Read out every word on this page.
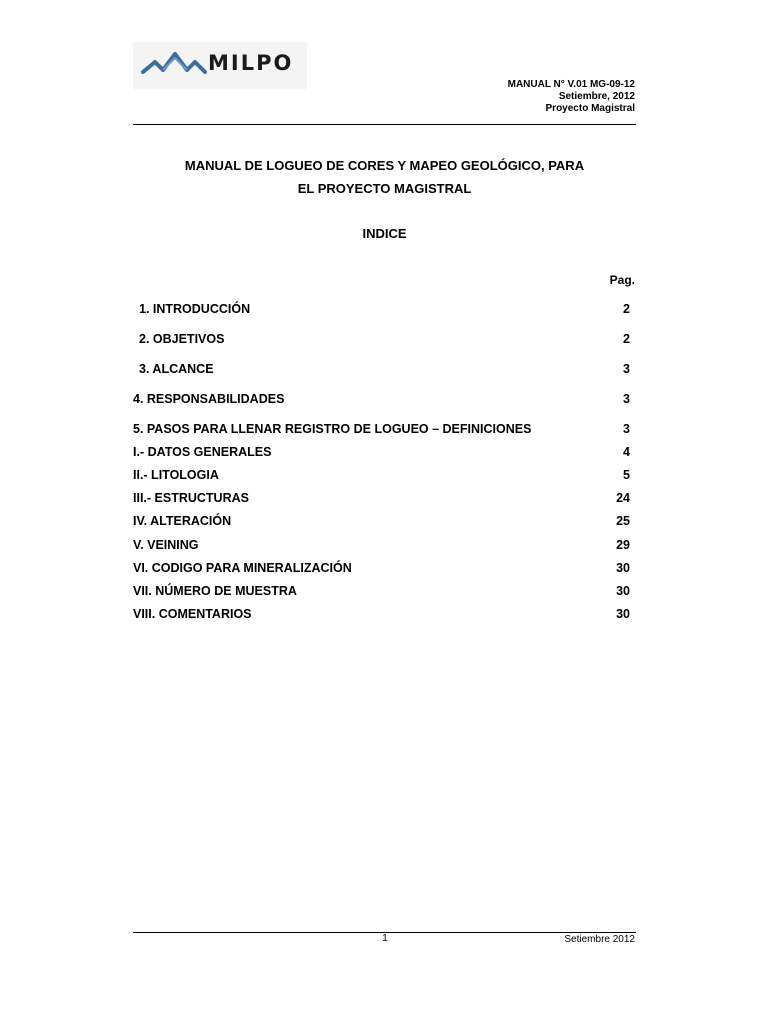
MILPO
MANUAL N° V.01 MG-09-12
Setiembre, 2012
Proyecto Magistral
MANUAL DE LOGUEO DE CORES Y MAPEO GEOLÓGICO, PARA
EL PROYECTO MAGISTRAL
INDICE
Pag.
1. INTRODUCCIÓN	2
2. OBJETIVOS	2
3. ALCANCE	3
4. RESPONSABILIDADES	3
5. PASOS PARA LLENAR REGISTRO DE LOGUEO – DEFINICIONES	3
I.- DATOS GENERALES	4
II.- LITOLOGIA	5
III.- ESTRUCTURAS	24
IV. ALTERACIÓN	25
V. VEINING	29
VI. CODIGO PARA MINERALIZACIÓN	30
VII. NÚMERO DE MUESTRA	30
VIII. COMENTARIOS	30
1	Setiembre 2012
